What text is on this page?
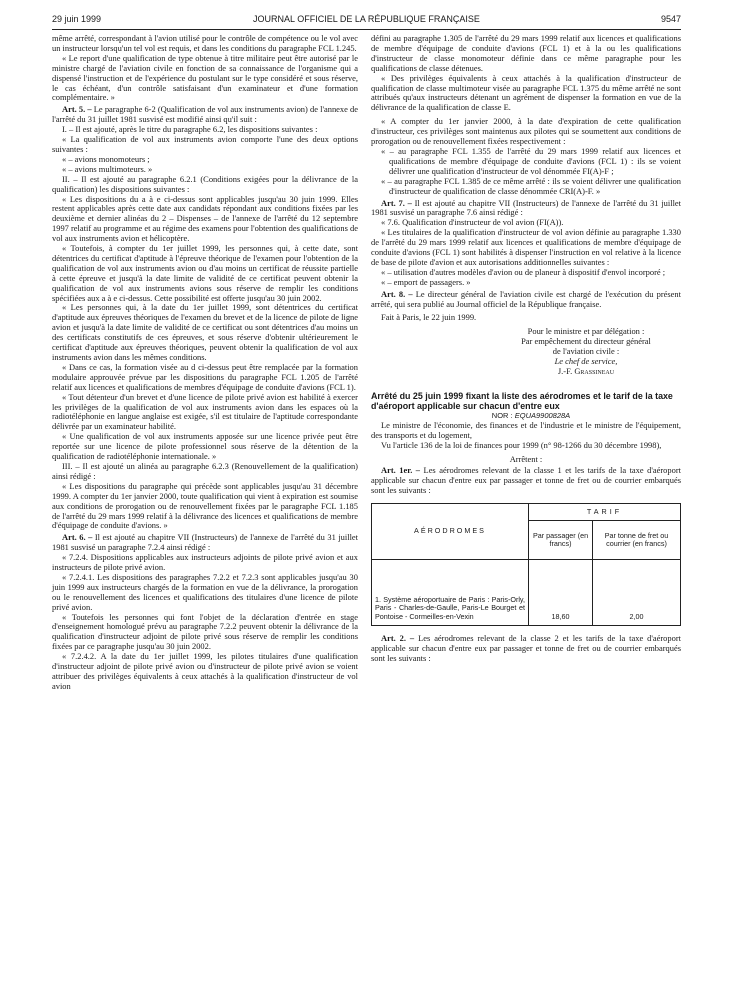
29 juin 1999	JOURNAL OFFICIEL DE LA RÉPUBLIQUE FRANÇAISE	9547

même arrêté, correspondant à l'avion utilisé pour le contrôle de compétence ou le vol avec un instructeur lorsqu'un tel vol est requis, et dans les conditions du paragraphe FCL 1.245.

« Le report d'une qualification de type obtenue à titre militaire peut être autorisé par le ministre chargé de l'aviation civile en fonction de sa connaissance de l'organisme qui a dispensé l'instruction et de l'expérience du postulant sur le type considéré et sous réserve, le cas échéant, d'un contrôle satisfaisant d'un examinateur et d'une formation complémentaire. »

Art. 5. – Le paragraphe 6-2 (Qualification de vol aux instruments avion) de l'annexe de l'arrêté du 31 juillet 1981 susvisé est modifié ainsi qu'il suit :

I. – Il est ajouté, après le titre du paragraphe 6.2, les dispositions suivantes :

« La qualification de vol aux instruments avion comporte l'une des deux options suivantes :

« – avions monomoteurs ;

« – avions multimoteurs. »

II. – Il est ajouté au paragraphe 6.2.1 (Conditions exigées pour la délivrance de la qualification) les dispositions suivantes :

« Les dispositions du a à e ci-dessus sont applicables jusqu'au 30 juin 1999. Elles restent applicables après cette date aux candidats répondant aux conditions fixées par les deuxième et dernier alinéas du 2 – Dispenses – de l'annexe de l'arrêté du 12 septembre 1997 relatif au programme et au régime des examens pour l'obtention des qualifications de vol aux instruments avion et hélicoptère.

« Toutefois, à compter du 1er juillet 1999, les personnes qui, à cette date, sont détentrices du certificat d'aptitude à l'épreuve théorique de l'examen pour l'obtention de la qualification de vol aux instruments avion ou d'au moins un certificat de réussite partielle à cette épreuve et jusqu'à la date limite de validité de ce certificat peuvent obtenir la qualification de vol aux instruments avions sous réserve de remplir les conditions spécifiées aux a à e ci-dessus. Cette possibilité est offerte jusqu'au 30 juin 2002.

« Les personnes qui, à la date du 1er juillet 1999, sont détentrices du certificat d'aptitude aux épreuves théoriques de l'examen du brevet et de la licence de pilote de ligne avion et jusqu'à la date limite de validité de ce certificat ou sont détentrices d'au moins un des certificats constitutifs de ces épreuves, et sous réserve d'obtenir ultérieurement le certificat d'aptitude aux épreuves théoriques, peuvent obtenir la qualification de vol aux instruments avion dans les mêmes conditions.

« Dans ce cas, la formation visée au d ci-dessus peut être remplacée par la formation modulaire approuvée prévue par les dispositions du paragraphe FCL 1.205 de l'arrêté relatif aux licences et qualifications de membres d'équipage de conduite d'avions (FCL 1).

« Tout détenteur d'un brevet et d'une licence de pilote privé avion est habilité à exercer les privilèges de la qualification de vol aux instruments avion dans les espaces où la radiotéléphonie en langue anglaise est exigée, s'il est titulaire de l'aptitude correspondante délivrée par un examinateur habilité.

« Une qualification de vol aux instruments apposée sur une licence privée peut être reportée sur une licence de pilote professionnel sous réserve de la détention de la qualification de radiotéléphonie internationale. »

III. – Il est ajouté un alinéa au paragraphe 6.2.3 (Renouvellement de la qualification) ainsi rédigé :

« Les dispositions du paragraphe qui précède sont applicables jusqu'au 31 décembre 1999. A compter du 1er janvier 2000, toute qualification qui vient à expiration est soumise aux conditions de prorogation ou de renouvellement fixées par le paragraphe FCL 1.185 de l'arrêté du 29 mars 1999 relatif à la délivrance des licences et qualifications de membre d'équipage de conduite d'avions. »

Art. 6. – Il est ajouté au chapitre VII (Instructeurs) de l'annexe de l'arrêté du 31 juillet 1981 susvisé un paragraphe 7.2.4 ainsi rédigé :

« 7.2.4. Dispositions applicables aux instructeurs adjoints de pilote privé avion et aux instructeurs de pilote privé avion.

« 7.2.4.1. Les dispositions des paragraphes 7.2.2 et 7.2.3 sont applicables jusqu'au 30 juin 1999 aux instructeurs chargés de la formation en vue de la délivrance, la prorogation ou le renouvellement des licences et qualifications des titulaires d'une licence de pilote privé avion.

« Toutefois les personnes qui font l'objet de la déclaration d'entrée en stage d'enseignement homologué prévu au paragraphe 7.2.2 peuvent obtenir la délivrance de la qualification d'instructeur adjoint de pilote privé sous réserve de remplir les conditions fixées par ce paragraphe jusqu'au 30 juin 2002.

« 7.2.4.2. A la date du 1er juillet 1999, les pilotes titulaires d'une qualification d'instructeur adjoint de pilote privé avion ou d'instructeur de pilote privé avion se voient attribuer des privilèges équivalents à ceux attachés à la qualification d'instructeur de vol avion

défini au paragraphe 1.305 de l'arrêté du 29 mars 1999 relatif aux licences et qualifications de membre d'équipage de conduite d'avions (FCL 1) et à la ou les qualifications d'instructeur de classe monomoteur définie dans ce même paragraphe pour les qualifications de classe détenues.

« Des privilèges équivalents à ceux attachés à la qualification d'instructeur de qualification de classe multimoteur visée au paragraphe FCL 1.375 du même arrêté ne sont attribués qu'aux instructeurs détenant un agrément de dispenser la formation en vue de la délivrance de la qualification de classe E.

« A compter du 1er janvier 2000, à la date d'expiration de cette qualification d'instructeur, ces privilèges sont maintenus aux pilotes qui se soumettent aux conditions de prorogation ou de renouvellement fixées respectivement :

« – au paragraphe FCL 1.355 de l'arrêté du 29 mars 1999 relatif aux licences et qualifications de membre d'équipage de conduite d'avions (FCL 1) : ils se voient délivrer une qualification d'instructeur de vol dénommée FI(A)-F ;

« – au paragraphe FCL 1.385 de ce même arrêté : ils se voient délivrer une qualification d'instructeur de qualification de classe dénommée CRI(A)-F. »

Art. 7. – Il est ajouté au chapitre VII (Instructeurs) de l'annexe de l'arrêté du 31 juillet 1981 susvisé un paragraphe 7.6 ainsi rédigé :

« 7.6. Qualification d'instructeur de vol avion (FI(A)).

« Les titulaires de la qualification d'instructeur de vol avion définie au paragraphe 1.330 de l'arrêté du 29 mars 1999 relatif aux licences et qualifications de membre d'équipage de conduite d'avions (FCL 1) sont habilités à dispenser l'instruction en vol relative à la licence de base de pilote d'avion et aux autorisations additionnelles suivantes :

« – utilisation d'autres modèles d'avion ou de planeur à dispositif d'envol incorporé ;

« – emport de passagers. »

Art. 8. – Le directeur général de l'aviation civile est chargé de l'exécution du présent arrêté, qui sera publié au Journal officiel de la République française.

Fait à Paris, le 22 juin 1999.

Pour le ministre et par délégation :

Par empêchement du directeur général

de l'aviation civile :

Le chef de service,

J.-F. Grassineau

Arrêté du 25 juin 1999 fixant la liste des aérodromes et le tarif de la taxe d'aéroport applicable sur chacun d'entre eux

NOR : EQUA9900828A

Le ministre de l'économie, des finances et de l'industrie et le ministre de l'équipement, des transports et du logement,

Vu l'article 136 de la loi de finances pour 1999 (n° 98-1266 du 30 décembre 1998),

Arrêtent :

Art. 1er. – Les aérodromes relevant de la classe 1 et les tarifs de la taxe d'aéroport applicable sur chacun d'entre eux par passager et tonne de fret ou de courrier embarqués sont les suivants :

AÉRODROMES	TARIF	
	Par passager (en francs)	Par tonne de fret ou courrier (en francs)
1. Système aéroportuaire de Paris : Paris-Orly, Paris - Charles-de-Gaulle, Paris-Le Bourget et Pontoise - Cormeilles-en-Vexin	18,60	2,00

Art. 2. – Les aérodromes relevant de la classe 2 et les tarifs de la taxe d'aéroport applicable sur chacun d'entre eux par passager et tonne de fret ou de courrier embarqués sont les suivants :
